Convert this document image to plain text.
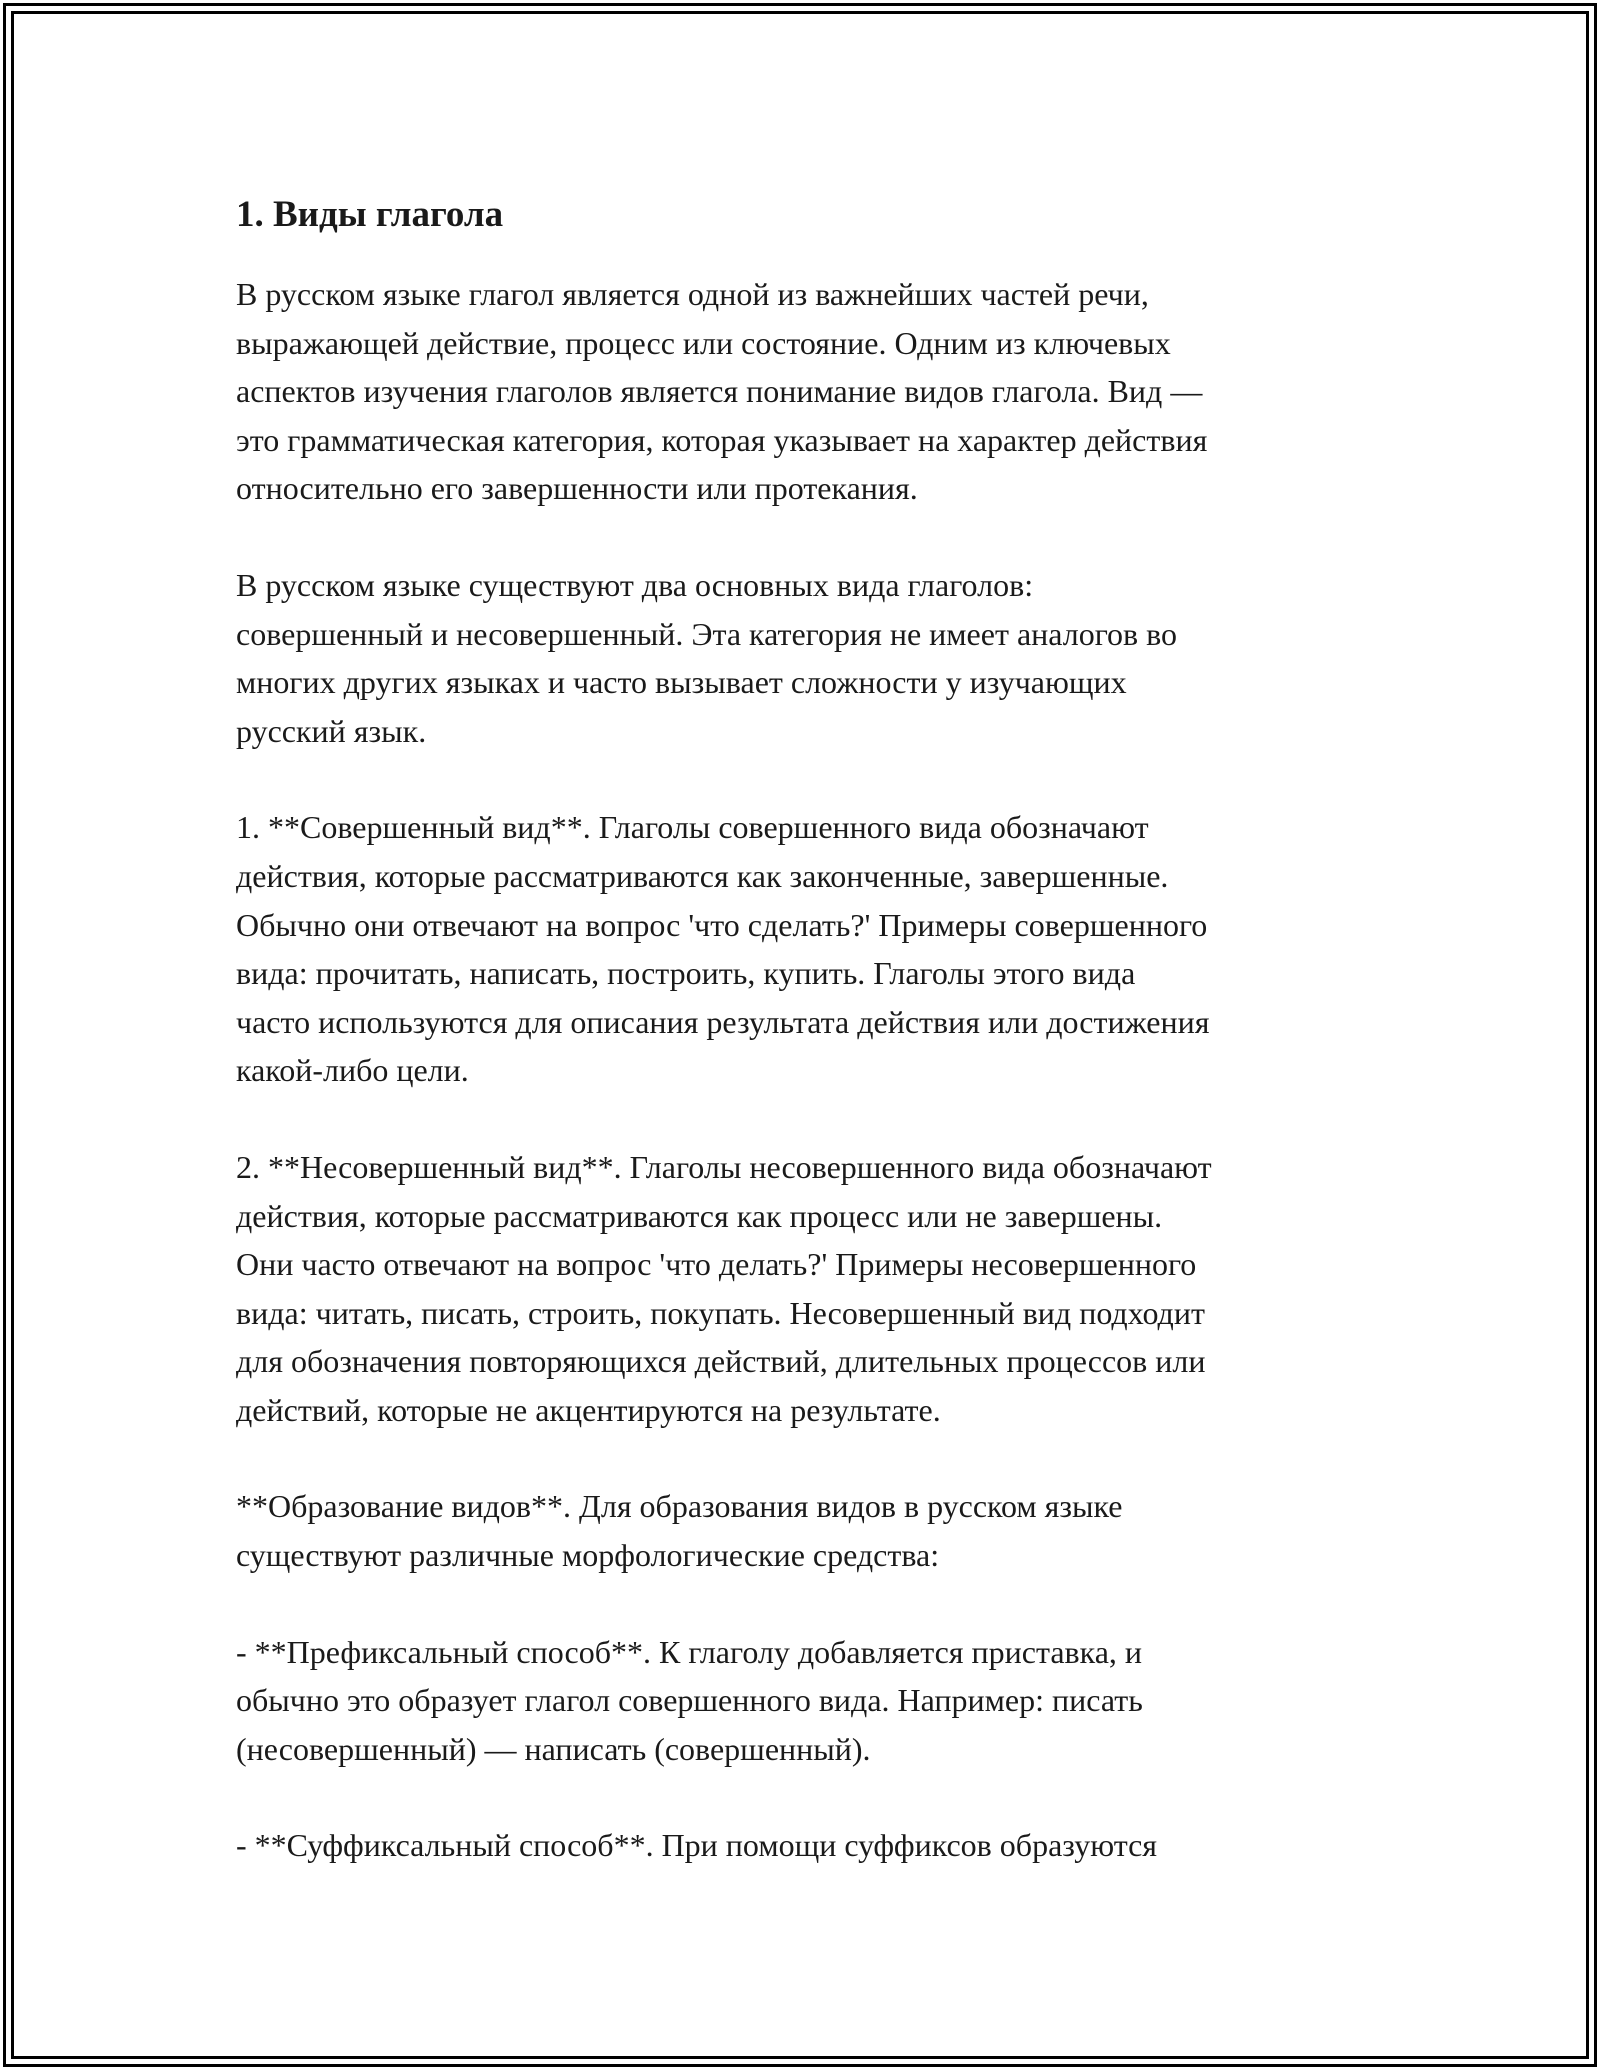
1. Виды глагола

В русском языке глагол является одной из важнейших частей речи,
выражающей действие, процесс или состояние. Одним из ключевых
аспектов изучения глаголов является понимание видов глагола. Вид —
это грамматическая категория, которая указывает на характер действия
относительно его завершенности или протекания.

В русском языке существуют два основных вида глаголов:
совершенный и несовершенный. Эта категория не имеет аналогов во
многих других языках и часто вызывает сложности у изучающих
русский язык.

1. **Совершенный вид**. Глаголы совершенного вида обозначают
действия, которые рассматриваются как законченные, завершенные.
Обычно они отвечают на вопрос 'что сделать?' Примеры совершенного
вида: прочитать, написать, построить, купить. Глаголы этого вида
часто используются для описания результата действия или достижения
какой-либо цели.

2. **Несовершенный вид**. Глаголы несовершенного вида обозначают
действия, которые рассматриваются как процесс или не завершены.
Они часто отвечают на вопрос 'что делать?' Примеры несовершенного
вида: читать, писать, строить, покупать. Несовершенный вид подходит
для обозначения повторяющихся действий, длительных процессов или
действий, которые не акцентируются на результате.

**Образование видов**. Для образования видов в русском языке
существуют различные морфологические средства:

- **Префиксальный способ**. К глаголу добавляется приставка, и
обычно это образует глагол совершенного вида. Например: писать
(несовершенный) — написать (совершенный).

- **Суффиксальный способ**. При помощи суффиксов образуются
